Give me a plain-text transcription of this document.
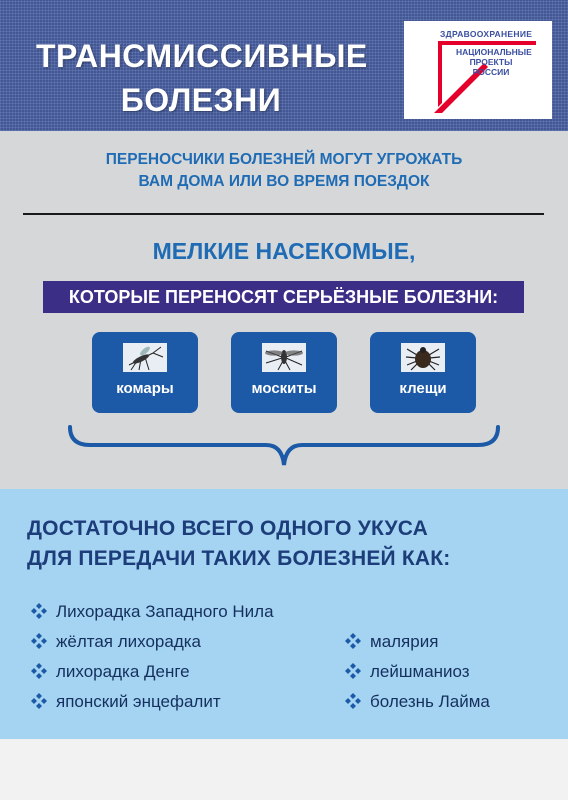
ТРАНСМИССИВНЫЕ
БОЛЕЗНИ
ЗДРАВООХРАНЕНИЕ
НАЦИОНАЛЬНЫЕ
ПРОЕКТЫ
РОССИИ

ПЕРЕНОСЧИКИ БОЛЕЗНЕЙ МОГУТ УГРОЖАТЬ
ВАМ ДОМА ИЛИ ВО ВРЕМЯ ПОЕЗДОК

МЕЛКИЕ НАСЕКОМЫЕ,

КОТОРЫЕ ПЕРЕНОСЯТ СЕРЬЁЗНЫЕ БОЛЕЗНИ:

комары	москиты	клещи
ДОСТАТОЧНО ВСЕГО ОДНОГО УКУСА
ДЛЯ ПЕРЕДАЧИ ТАКИХ БОЛЕЗНЕЙ КАК:
Лихорадка Западного Нила
жёлтая лихорадка
лихорадка Денге
японский энцефалит
малярия
лейшманиоз
болезнь Лайма
